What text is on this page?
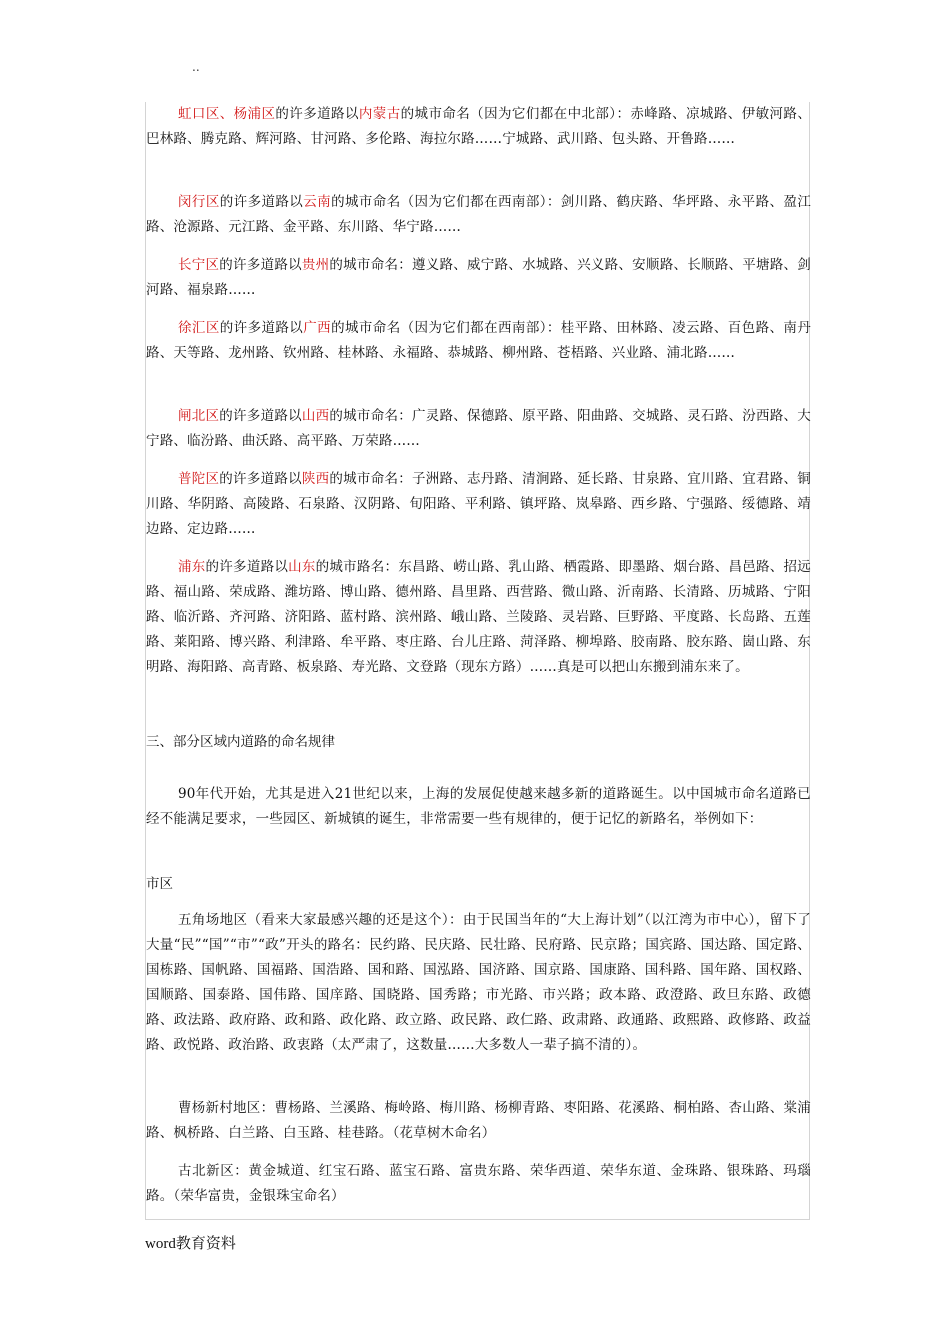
..

虹口区、杨浦区的许多道路以内蒙古的城市命名（因为它们都在中北部）：赤峰路、凉城路、伊敏河路、巴林路、腾克路、辉河路、甘河路、多伦路、海拉尔路……宁城路、武川路、包头路、开鲁路……

闵行区的许多道路以云南的城市命名（因为它们都在西南部）：剑川路、鹤庆路、华坪路、永平路、盈江路、沧源路、元江路、金平路、东川路、华宁路……

长宁区的许多道路以贵州的城市命名：遵义路、威宁路、水城路、兴义路、安顺路、长顺路、平塘路、剑河路、福泉路……

徐汇区的许多道路以广西的城市命名（因为它们都在西南部）：桂平路、田林路、凌云路、百色路、南丹路、天等路、龙州路、钦州路、桂林路、永福路、恭城路、柳州路、苍梧路、兴业路、浦北路……

闸北区的许多道路以山西的城市命名：广灵路、保德路、原平路、阳曲路、交城路、灵石路、汾西路、大宁路、临汾路、曲沃路、高平路、万荣路……

普陀区的许多道路以陕西的城市命名：子洲路、志丹路、清涧路、延长路、甘泉路、宜川路、宜君路、铜川路、华阴路、高陵路、石泉路、汉阴路、旬阳路、平利路、镇坪路、岚皋路、西乡路、宁强路、绥德路、靖边路、定边路……

浦东的许多道路以山东的城市路名：东昌路、崂山路、乳山路、栖霞路、即墨路、烟台路、昌邑路、招远路、福山路、荣成路、潍坊路、博山路、德州路、昌里路、西营路、微山路、沂南路、长清路、历城路、宁阳路、临沂路、齐河路、济阳路、蓝村路、滨州路、峨山路、兰陵路、灵岩路、巨野路、平度路、长岛路、五莲路、莱阳路、博兴路、利津路、牟平路、枣庄路、台儿庄路、菏泽路、柳埠路、胶南路、胶东路、崮山路、东明路、海阳路、高青路、板泉路、寿光路、文登路（现东方路）……真是可以把山东搬到浦东来了。

三、部分区域内道路的命名规律

90年代开始，尤其是进入21世纪以来，上海的发展促使越来越多新的道路诞生。以中国城市命名道路已经不能满足要求，一些园区、新城镇的诞生，非常需要一些有规律的，便于记忆的新路名，举例如下：

市区

五角场地区（看来大家最感兴趣的还是这个）：由于民国当年的“大上海计划”（以江湾为市中心），留下了大量“民”“国”“市”“政”开头的路名：民约路、民庆路、民壮路、民府路、民京路；国宾路、国达路、国定路、国栋路、国帆路、国福路、国浩路、国和路、国泓路、国济路、国京路、国康路、国科路、国年路、国权路、国顺路、国泰路、国伟路、国庠路、国晓路、国秀路；市光路、市兴路；政本路、政澄路、政旦东路、政德路、政法路、政府路、政和路、政化路、政立路、政民路、政仁路、政肃路、政通路、政熙路、政修路、政益路、政悦路、政治路、政衷路（太严肃了，这数量……大多数人一辈子搞不清的）。

曹杨新村地区：曹杨路、兰溪路、梅岭路、梅川路、杨柳青路、枣阳路、花溪路、桐柏路、杏山路、棠浦路、枫桥路、白兰路、白玉路、桂巷路。（花草树木命名）

古北新区：黄金城道、红宝石路、蓝宝石路、富贵东路、荣华西道、荣华东道、金珠路、银珠路、玛瑙路。（荣华富贵，金银珠宝命名）

word教育资料
